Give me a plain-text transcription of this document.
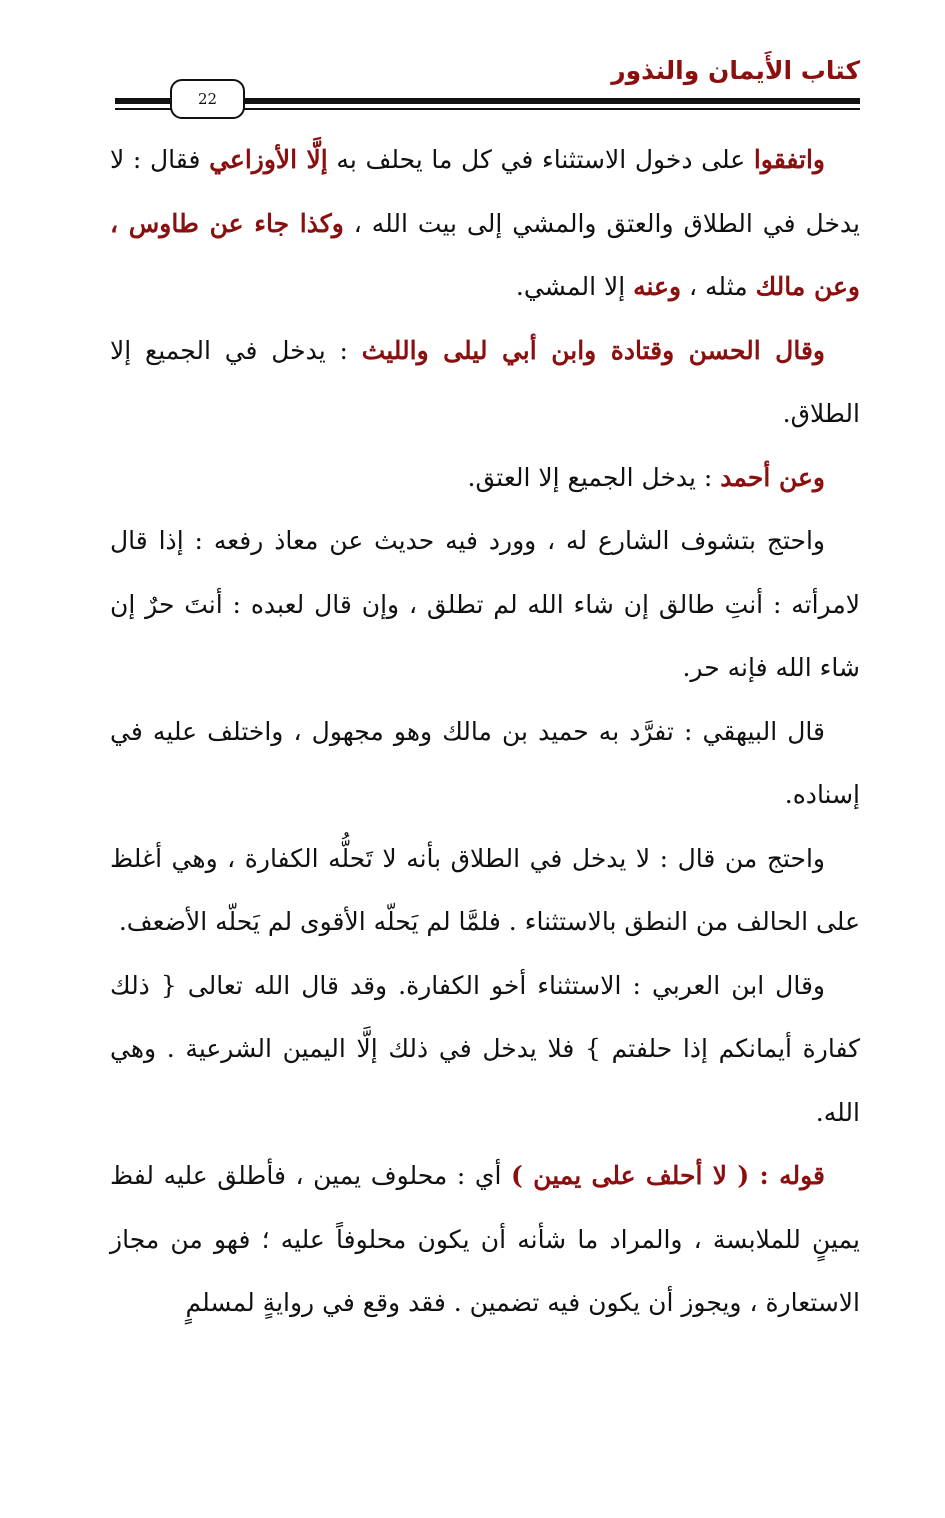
كتاب الأَيمان والنذور
22

واتفقوا على دخول الاستثناء في كل ما يحلف به إلَّا الأوزاعي فقال : لا يدخل في الطلاق والعتق والمشي إلى بيت الله ، وكذا جاء عن طاوس ، وعن مالك مثله ، وعنه إلا المشي.

وقال الحسن وقتادة وابن أبي ليلى والليث : يدخل في الجميع إلا الطلاق.

وعن أحمد : يدخل الجميع إلا العتق.

واحتج بتشوف الشارع له ، وورد فيه حديث عن معاذ رفعه : إذا قال لامرأته : أنتِ طالق إن شاء الله لم تطلق ، وإن قال لعبده : أنتَ حرٌ إن شاء الله فإنه حر.

قال البيهقي : تفرَّد به حميد بن مالك وهو مجهول ، واختلف عليه في إسناده.

واحتج من قال : لا يدخل في الطلاق بأنه لا تَحلُّه الكفارة ، وهي أغلظ على الحالف من النطق بالاستثناء . فلمَّا لم يَحلّه الأقوى لم يَحلّه الأضعف.

وقال ابن العربي : الاستثناء أخو الكفارة. وقد قال الله تعالى { ذلك كفارة أيمانكم إذا حلفتم } فلا يدخل في ذلك إلَّا اليمين الشرعية . وهي الله.

قوله : ( لا أحلف على يمين ) أي : محلوف يمين ، فأطلق عليه لفظ يمينٍ للملابسة ، والمراد ما شأنه أن يكون محلوفاً عليه ؛ فهو من مجاز الاستعارة ، ويجوز أن يكون فيه تضمين . فقد وقع في روايةٍ لمسلمٍ
